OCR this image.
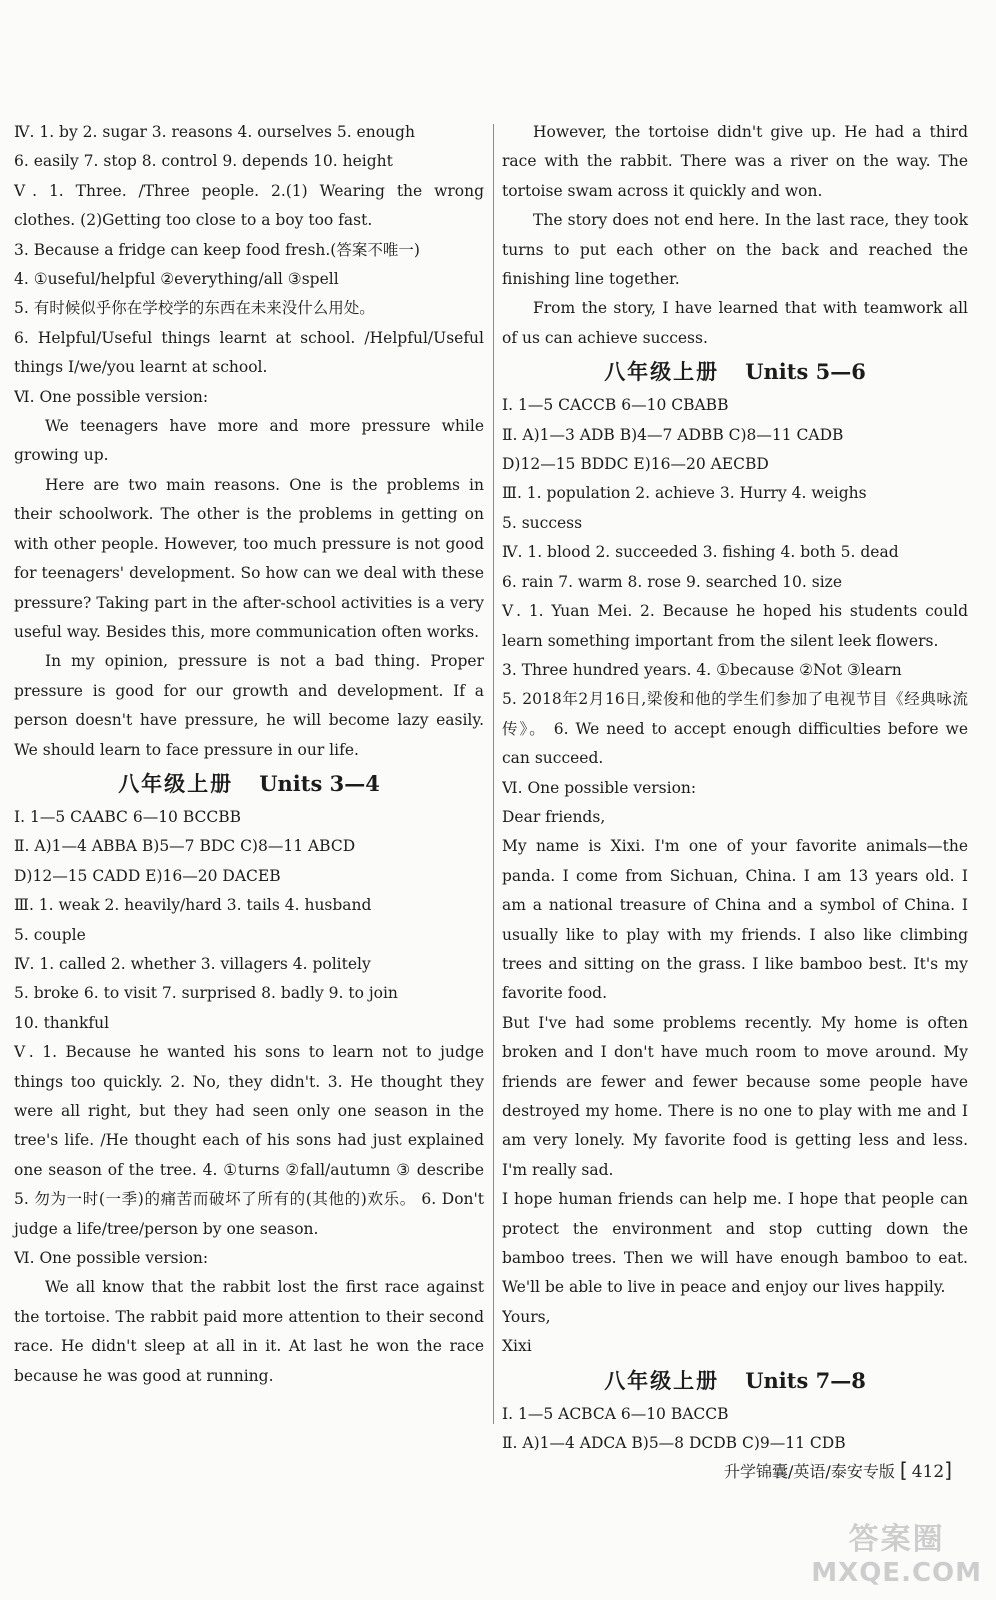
Ⅳ. 1. by 2. sugar 3. reasons 4. ourselves 5. enough
6. easily 7. stop 8. control 9. depends 10. height
Ⅴ. 1. Three. /Three people. 2.(1) Wearing the wrong clothes. (2)Getting too close to a boy too fast.
3. Because a fridge can keep food fresh.(答案不唯一)
4. ①useful/helpful ②everything/all ③spell
5. 有时候似乎你在学校学的东西在未来没什么用处。
6. Helpful/Useful things learnt at school. /Helpful/Useful things I/we/you learnt at school.
Ⅵ. One possible version:
We teenagers have more and more pressure while growing up.
Here are two main reasons. One is the problems in their schoolwork. The other is the problems in getting on with other people. However, too much pressure is not good for teenagers' development. So how can we deal with these pressure? Taking part in the after-school activities is a very useful way. Besides this, more communication often works.
In my opinion, pressure is not a bad thing. Proper pressure is good for our growth and development. If a person doesn't have pressure, he will become lazy easily. We should learn to face pressure in our life.
八年级上册 Units 3—4
Ⅰ. 1—5 CAABC 6—10 BCCBB
Ⅱ. A)1—4 ABBA B)5—7 BDC C)8—11 ABCD
D)12—15 CADD E)16—20 DACEB
Ⅲ. 1. weak 2. heavily/hard 3. tails 4. husband
5. couple
Ⅳ. 1. called 2. whether 3. villagers 4. politely
5. broke 6. to visit 7. surprised 8. badly 9. to join
10. thankful
Ⅴ. 1. Because he wanted his sons to learn not to judge things too quickly. 2. No, they didn't. 3. He thought they were all right, but they had seen only one season in the tree's life. /He thought each of his sons had just explained one season of the tree. 4. ①turns ②fall/autumn ③ describe 5. 勿为一时(一季)的痛苦而破坏了所有的(其他的)欢乐。 6. Don't judge a life/tree/person by one season.
Ⅵ. One possible version:
We all know that the rabbit lost the first race against the tortoise. The rabbit paid more attention to their second race. He didn't sleep at all in it. At last he won the race because he was good at running.
However, the tortoise didn't give up. He had a third race with the rabbit. There was a river on the way. The tortoise swam across it quickly and won.
The story does not end here. In the last race, they took turns to put each other on the back and reached the finishing line together.
From the story, I have learned that with teamwork all of us can achieve success.
八年级上册 Units 5—6
Ⅰ. 1—5 CACCB 6—10 CBABB
Ⅱ. A)1—3 ADB B)4—7 ADBB C)8—11 CADB
D)12—15 BDDC E)16—20 AECBD
Ⅲ. 1. population 2. achieve 3. Hurry 4. weighs
5. success
Ⅳ. 1. blood 2. succeeded 3. fishing 4. both 5. dead
6. rain 7. warm 8. rose 9. searched 10. size
Ⅴ. 1. Yuan Mei. 2. Because he hoped his students could learn something important from the silent leek flowers.
3. Three hundred years. 4. ①because ②Not ③learn
5. 2018年2月16日,梁俊和他的学生们参加了电视节目《经典咏流传》。 6. We need to accept enough difficulties before we can succeed.
Ⅵ. One possible version:
Dear friends,
My name is Xixi. I'm one of your favorite animals—the panda. I come from Sichuan, China. I am 13 years old. I am a national treasure of China and a symbol of China. I usually like to play with my friends. I also like climbing trees and sitting on the grass. I like bamboo best. It's my favorite food.
But I've had some problems recently. My home is often broken and I don't have much room to move around. My friends are fewer and fewer because some people have destroyed my home. There is no one to play with me and I am very lonely. My favorite food is getting less and less. I'm really sad.
I hope human friends can help me. I hope that people can protect the environment and stop cutting down the bamboo trees. Then we will have enough bamboo to eat. We'll be able to live in peace and enjoy our lives happily.
Yours,
Xixi
八年级上册 Units 7—8
Ⅰ. 1—5 ACBCA 6—10 BACCB
Ⅱ. A)1—4 ADCA B)5—8 DCDB C)9—11 CDB
升学锦囊/英语/泰安专版 [ 412]
答案圈
MXQE.COM
